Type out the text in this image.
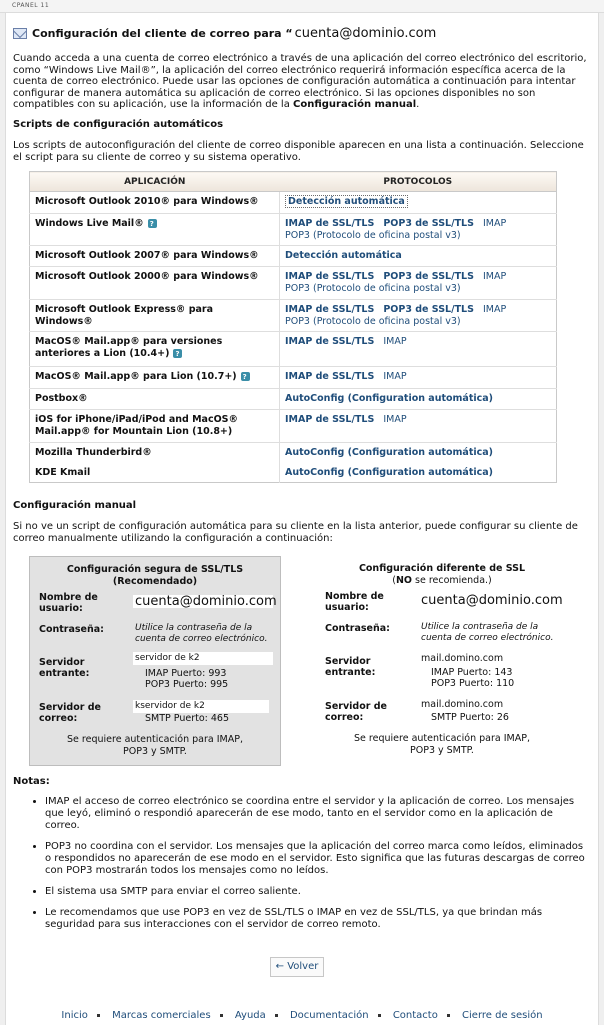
CPANEL 11
Configuración del cliente de correo para “ cuenta@dominio.com

Cuando acceda a una cuenta de correo electrónico a través de una aplicación del correo electrónico del escritorio, como “Windows Live Mail®”, la aplicación del correo electrónico requerirá información específica acerca de la cuenta de correo electrónico. Puede usar las opciones de configuración automática a continuación para intentar configurar de manera automática su aplicación de correo electrónico. Si las opciones disponibles no son compatibles con su aplicación, use la información de la Configuración manual.

Scripts de configuración automáticos

Los scripts de autoconfiguración del cliente de correo disponible aparecen en una lista a continuación. Seleccione el script para su cliente de correo y su sistema operativo.

APLICACIÓN	PROTOCOLOS
Microsoft Outlook 2010® para Windows®	Detección automática
Windows Live Mail®?	IMAP de SSL/TLS POP3 de SSL/TLS IMAP
POP3 (Protocolo de oficina postal v3)
Microsoft Outlook 2007® para Windows®	Detección automática
Microsoft Outlook 2000® para Windows®	IMAP de SSL/TLS POP3 de SSL/TLS IMAP
POP3 (Protocolo de oficina postal v3)
Microsoft Outlook Express® para Windows®	IMAP de SSL/TLS POP3 de SSL/TLS IMAP
POP3 (Protocolo de oficina postal v3)
MacOS® Mail.app® para versiones anteriores a Lion (10.4+)?	IMAP de SSL/TLS IMAP
MacOS® Mail.app® para Lion (10.7+)?	IMAP de SSL/TLS IMAP
Postbox®	AutoConfig (Configuration automática)
iOS for iPhone/iPad/iPod and MacOS® Mail.app® for Mountain Lion (10.8+)	IMAP de SSL/TLS IMAP
Mozilla Thunderbird®	AutoConfig (Configuration automática)
KDE Kmail	AutoConfig (Configuration automática)
Configuración manual

Si no ve un script de configuración automática para su cliente en la lista anterior, puede configurar su cliente de correo manualmente utilizando la configuración a continuación:

Configuración segura de SSL/TLS
(Recomendado)
Nombre de
usuario:	cuenta@dominio.com
Contraseña:	Utilice la contraseña de la
cuenta de correo electrónico.
Servidor
entrante:
servidor de k2
IMAP Puerto: 993
POP3 Puerto: 995
Servidor de
correo:
kservidor de k2
SMTP Puerto: 465
Se requiere autenticación para IMAP,
POP3 y SMTP.
Configuración diferente de SSL
(NO se recomienda.)
Nombre de
usuario:	cuenta@dominio.com
Contraseña:	Utilice la contraseña de la
cuenta de correo electrónico.
Servidor
entrante:
mail.domino.com
IMAP Puerto: 143
POP3 Puerto: 110
Servidor de
correo:
mail.domino.com
SMTP Puerto: 26
Se requiere autenticación para IMAP,
POP3 y SMTP.
Notas:
• IMAP el acceso de correo electrónico se coordina entre el servidor y la aplicación de correo. Los mensajes que leyó, eliminó o respondió aparecerán de ese modo, tanto en el servidor como en la aplicación de correo.
• POP3 no coordina con el servidor. Los mensajes que la aplicación del correo marca como leídos, eliminados o respondidos no aparecerán de ese modo en el servidor. Esto significa que las futuras descargas de correo con POP3 mostrarán todos los mensajes como no leídos.
• El sistema usa SMTP para enviar el correo saliente.
• Le recomendamos que use POP3 en vez de SSL/TLS o IMAP en vez de SSL/TLS, ya que brindan más seguridad para sus interacciones con el servidor de correo remoto.
← Volver
Inicio Marcas comerciales Ayuda Documentación Contacto Cierre de sesión
